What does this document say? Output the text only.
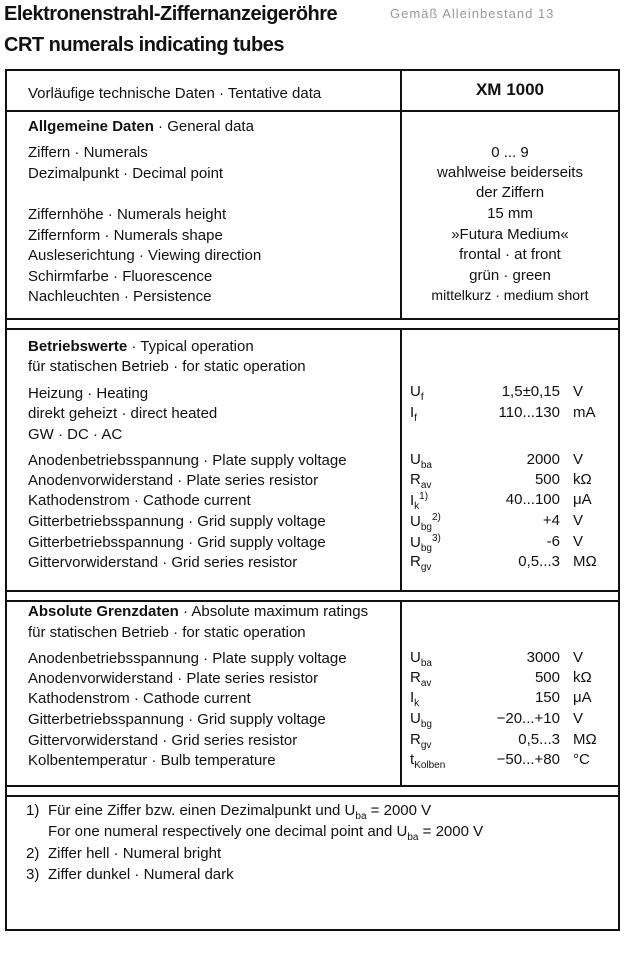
Elektronenstrahl-Ziffernanzeigeröhre
CRT numerals indicating tubes
Gemäß Alleinbestand 13
Vorläufige technische Daten · Tentative data	XM 1000
Allgemeine Daten · General data
Ziffern · Numerals	0 ... 9
Dezimalpunkt · Decimal point	wahlweise beiderseits
der Ziffern
Ziffernhöhe · Numerals height	15 mm
Ziffernform · Numerals shape	»Futura Medium«
Ausleserichtung · Viewing direction	frontal · at front
Schirmfarbe · Fluorescence	grün · green
Nachleuchten · Persistence	mittelkurz · medium short
Betriebswerte · Typical operation
für statischen Betrieb · for static operation
Heizung · Heating
direkt geheizt · direct heated
GW · DC · AC
$U_f$	1,5±0,15 V
$I_f$	110...130 mA
Anodenbetriebsspannung · Plate supply voltage	$U_{ba}$	2000 V
Anodenvorwiderstand · Plate series resistor	$R_{av}$	500 kΩ
Kathodenstrom · Cathode current	$I_k^{1)}$	40...100 μA
Gitterbetriebsspannung · Grid supply voltage	$U_{bg}^{2)}$	+4 V
Gitterbetriebsspannung · Grid supply voltage	$U_{bg}^{3)}$	-6 V
Gittervorwiderstand · Grid series resistor	$R_{gv}$	0,5...3 MΩ
Absolute Grenzdaten · Absolute maximum ratings
für statischen Betrieb · for static operation
Anodenbetriebsspannung · Plate supply voltage	$U_{ba}$	3000 V
Anodenvorwiderstand · Plate series resistor	$R_{av}$	500 kΩ
Kathodenstrom · Cathode current	$I_k$	150 μA
Gitterbetriebsspannung · Grid supply voltage	$U_{bg}$	−20...+10 V
Gittervorwiderstand · Grid series resistor	$R_{gv}$	0,5...3 MΩ
Kolbentemperatur · Bulb temperature	$t_{Kolben}$	−50...+80 °C
1) Für eine Ziffer bzw. einen Dezimalpunkt und $U_{ba} = 2000$ V
For one numeral respectively one decimal point and $U_{ba} = 2000$ V
2) Ziffer hell · Numeral bright
3) Ziffer dunkel · Numeral dark
